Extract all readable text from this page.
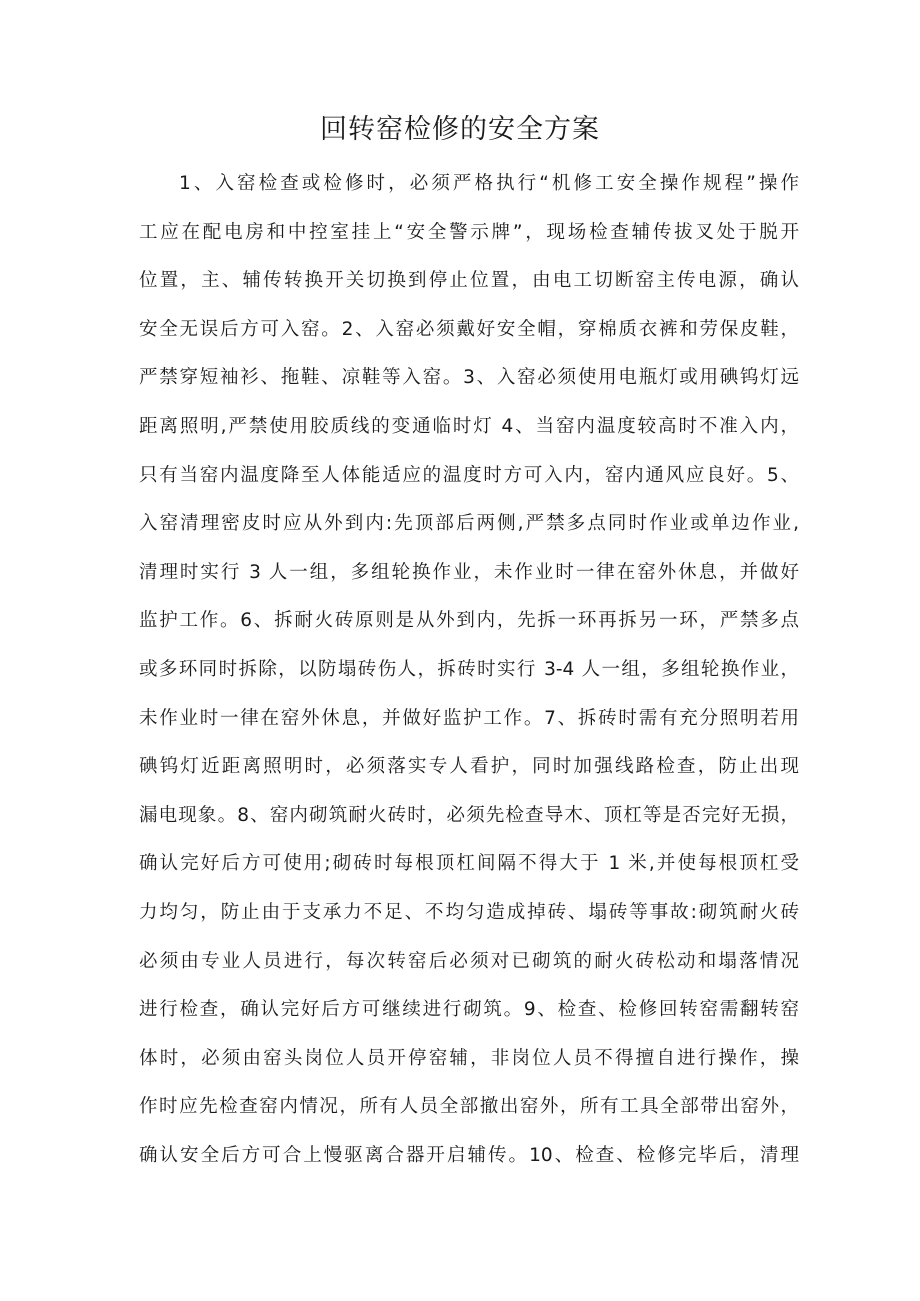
回转窑检修的安全方案
1、入窑检查或检修时，必须严格执行“机修工安全操作规程”操作
工应在配电房和中控室挂上“安全警示牌”，现场检查辅传拔叉处于脱开
位置，主、辅传转换开关切换到停止位置，由电工切断窑主传电源，确认
安全无误后方可入窑。2、入窑必须戴好安全帽，穿棉质衣裤和劳保皮鞋，
严禁穿短袖衫、拖鞋、凉鞋等入窑。3、入窑必须使用电瓶灯或用碘钨灯远
距离照明,严禁使用胶质线的变通临时灯 4、当窑内温度较高时不准入内，
只有当窑内温度降至人体能适应的温度时方可入内，窑内通风应良好。5、
入窑清理密皮时应从外到内:先顶部后两侧,严禁多点同时作业或单边作业,
清理时实行 3 人一组，多组轮换作业，未作业时一律在窑外休息，并做好
监护工作。6、拆耐火砖原则是从外到内，先拆一环再拆另一环，严禁多点
或多环同时拆除，以防塌砖伤人，拆砖时实行 3-4 人一组，多组轮换作业，
未作业时一律在窑外休息，并做好监护工作。7、拆砖时需有充分照明若用
碘钨灯近距离照明时，必须落实专人看护，同时加强线路检查，防止出现
漏电现象。8、窑内砌筑耐火砖时，必须先检查导木、顶杠等是否完好无损，
确认完好后方可使用;砌砖时每根顶杠间隔不得大于 1 米,并使每根顶杠受
力均匀，防止由于支承力不足、不均匀造成掉砖、塌砖等事故:砌筑耐火砖
必须由专业人员进行，每次转窑后必须对已砌筑的耐火砖松动和塌落情况
进行检查，确认完好后方可继续进行砌筑。9、检查、检修回转窑需翻转窑
体时，必须由窑头岗位人员开停窑辅，非岗位人员不得擅自进行操作，操
作时应先检查窑内情况，所有人员全部撤出窑外，所有工具全部带出窑外，
确认安全后方可合上慢驱离合器开启辅传。10、检查、检修完毕后，清理
